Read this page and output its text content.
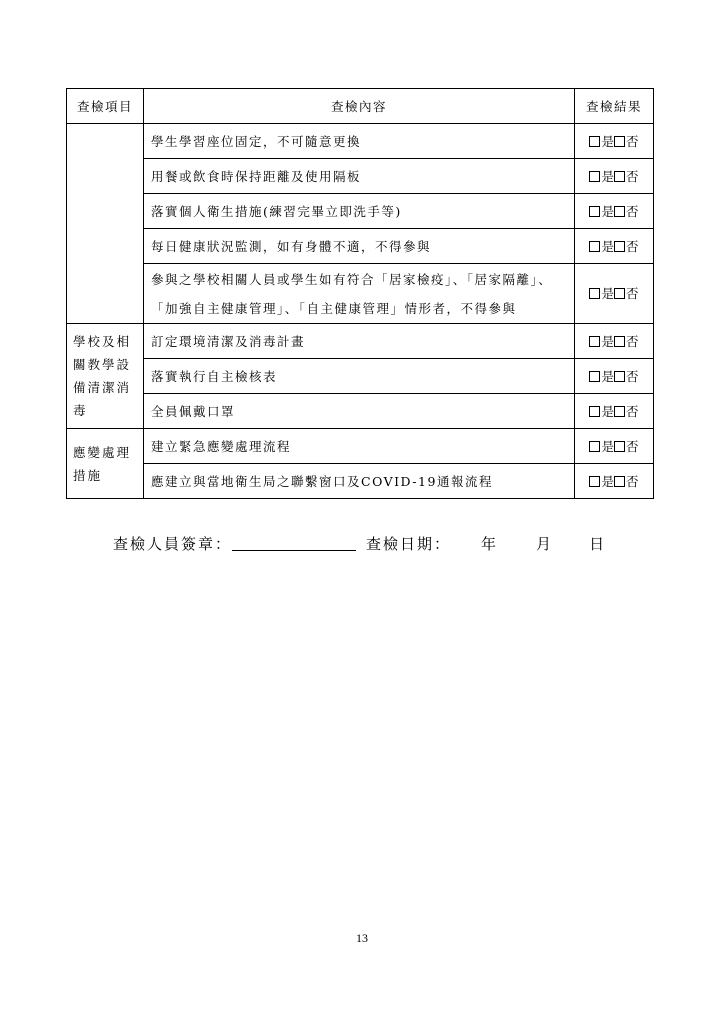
查檢項目	查檢內容	查檢結果
	學生學習座位固定，不可隨意更換	是 否
	用餐或飲食時保持距離及使用隔板	是 否
	落實個人衛生措施(練習完畢立即洗手等)	是 否
	每日健康狀況監測，如有身體不適，不得參與	是 否

	參與之學校相關人員或學生如有符合「居家檢疫」、「居家隔離」、
「加強自主健康管理」、「自主健康管理」情形者，不得參與	是 否

學校及相
關教學設
備清潔消
毒	訂定環境清潔及消毒計畫	是 否
	落實執行自主檢核表	是 否
	全員佩戴口罩	是 否

應變處理
措施	建立緊急應變處理流程	是 否
	應建立與當地衛生局之聯繫窗口及COVID-19通報流程	是 否
查檢人員簽章：	查檢日期： 年	月 日
13
